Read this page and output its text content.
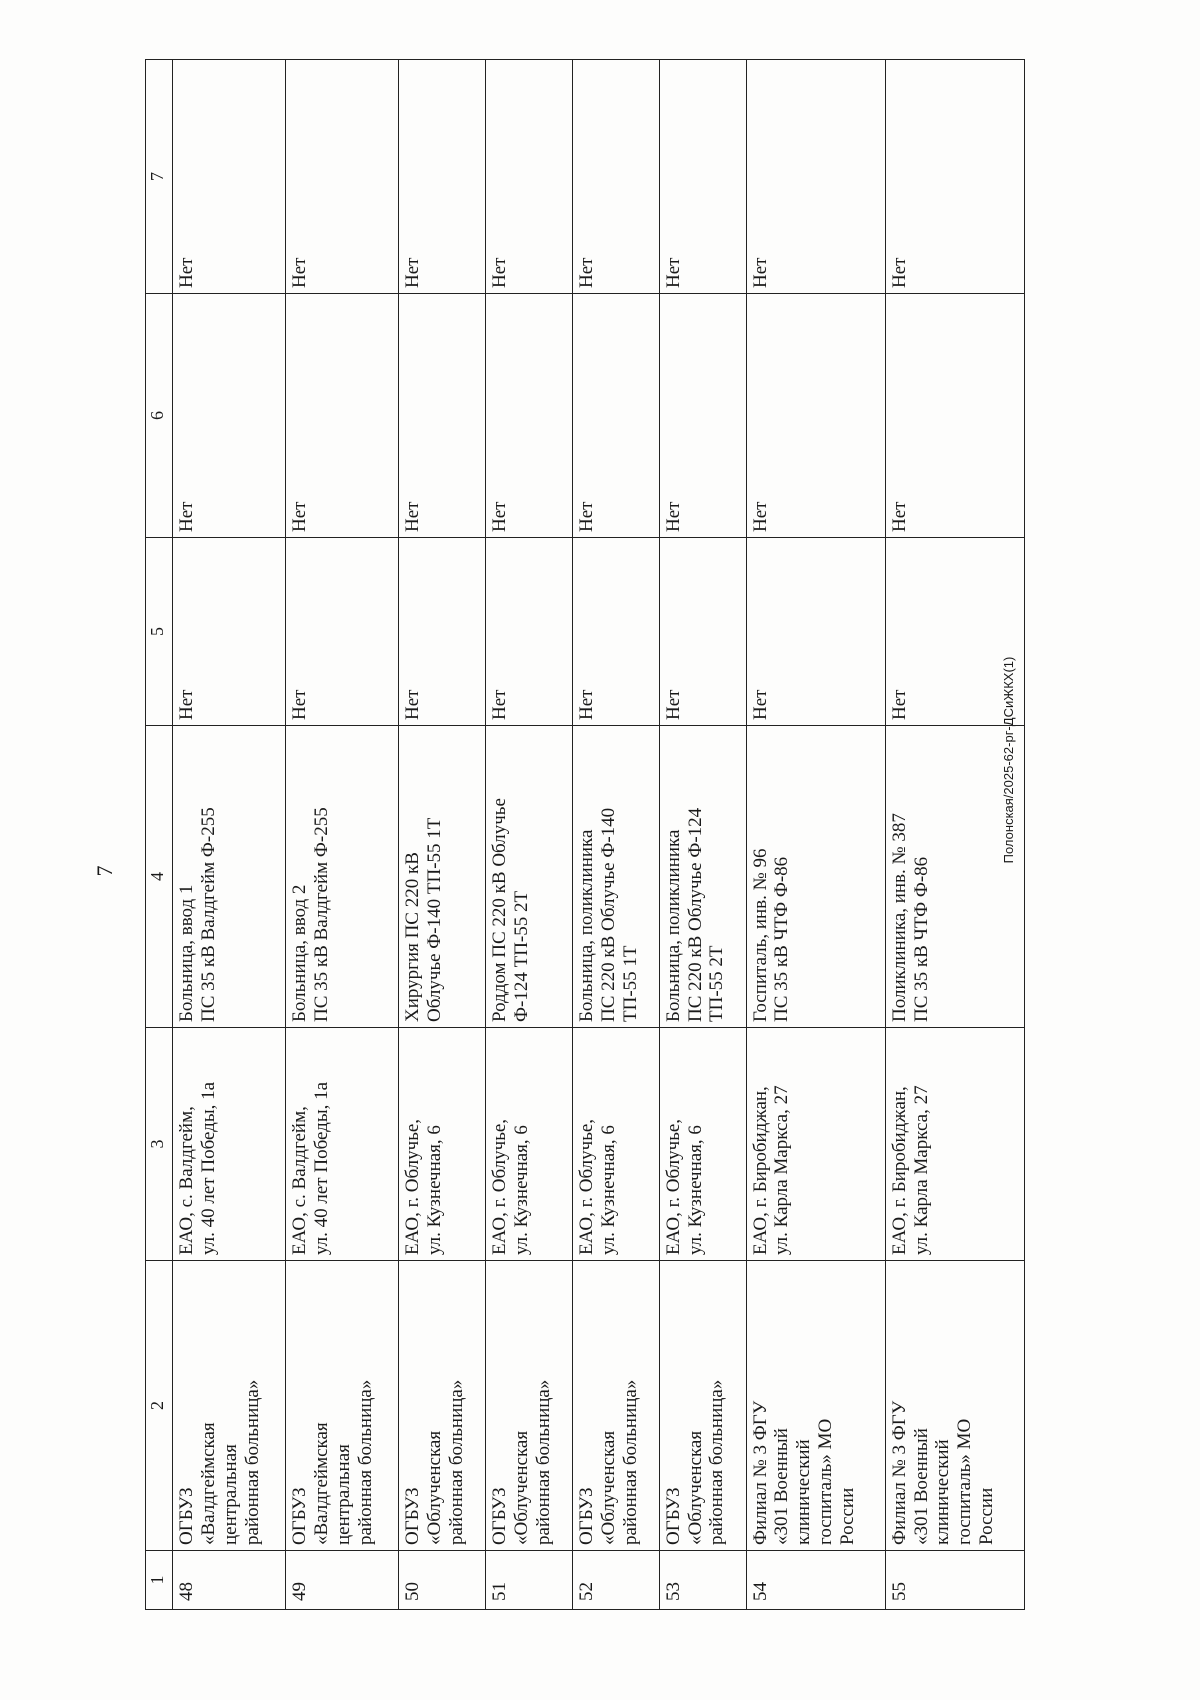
7
Полонская/2025-62-рг-ДСиЖКХ(1)
1	2	3	4	5	6	7
48	ОГБУЗ
«Валдгеймская
центральная
районная больница»	ЕАО, с. Валдгейм,
ул. 40 лет Победы, 1а	Больница, ввод 1
ПС 35 кВ Валдгейм Ф-255	Нет	Нет	Нет
49	ОГБУЗ
«Валдгеймская
центральная
районная больница»	ЕАО, с. Валдгейм,
ул. 40 лет Победы, 1а	Больница, ввод 2
ПС 35 кВ Валдгейм Ф-255	Нет	Нет	Нет
50	ОГБУЗ
«Облученская
районная больница»	ЕАО, г. Облучье,
ул. Кузнечная, 6	Хирургия ПС 220 кВ
Облучье Ф-140 ТП-55 1Т	Нет	Нет	Нет
51	ОГБУЗ
«Облученская
районная больница»	ЕАО, г. Облучье,
ул. Кузнечная, 6	Роддом ПС 220 кВ Облучье
Ф-124 ТП-55 2Т	Нет	Нет	Нет
52	ОГБУЗ
«Облученская
районная больница»	ЕАО, г. Облучье,
ул. Кузнечная, 6	Больница, поликлиника
ПС 220 кВ Облучье Ф-140
ТП-55 1Т	Нет	Нет	Нет
53	ОГБУЗ
«Облученская
районная больница»	ЕАО, г. Облучье,
ул. Кузнечная, 6	Больница, поликлиника
ПС 220 кВ Облучье Ф-124
ТП-55 2Т	Нет	Нет	Нет
54	Филиал № 3 ФГУ
«301 Военный
клинический
госпиталь» МО
России	ЕАО, г. Биробиджан,
ул. Карла Маркса, 27	Госпиталь, инв. № 96
ПС 35 кВ ЧТФ Ф-86	Нет	Нет	Нет
55	Филиал № 3 ФГУ
«301 Военный
клинический
госпиталь» МО
России	ЕАО, г. Биробиджан,
ул. Карла Маркса, 27	Поликлиника, инв. № 387
ПС 35 кВ ЧТФ Ф-86	Нет	Нет	Нет
